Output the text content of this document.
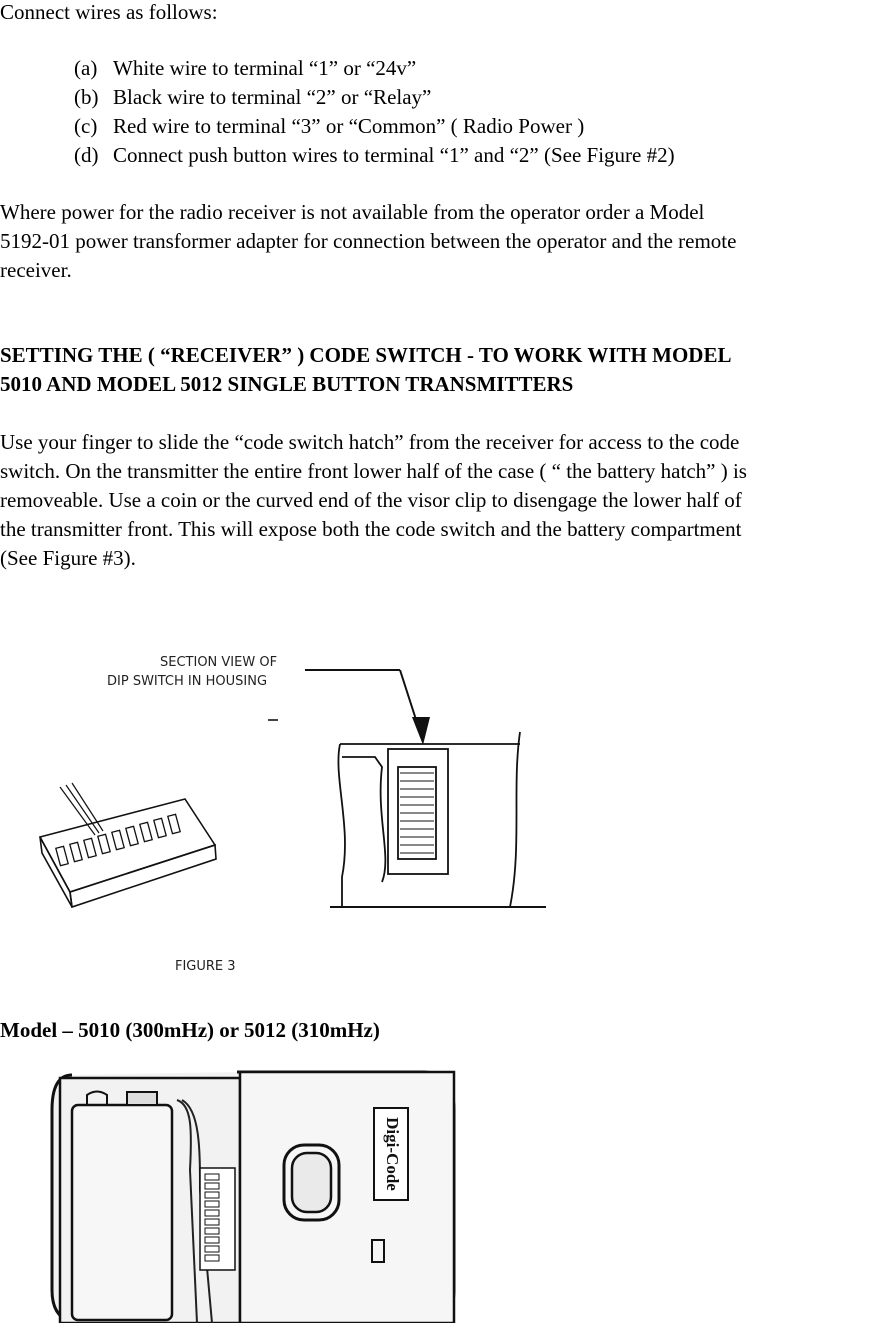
Connect wires as follows:

(a) White wire to terminal “1” or “24v”
(b) Black wire to terminal “2” or “Relay”
(c) Red wire to terminal “3” or “Common” ( Radio Power )
(d) Connect push button wires to terminal “1” and “2” (See Figure #2)

Where power for the radio receiver is not available from the operator order a Model

5192-01 power transformer adapter for connection between the operator and the remote

receiver.

SETTING THE ( “RECEIVER” ) CODE SWITCH - TO WORK WITH MODEL

5010 AND MODEL 5012 SINGLE BUTTON TRANSMITTERS

Use your finger to slide the “code switch hatch” from the receiver for access to the code

switch. On the transmitter the entire front lower half of the case ( “ the battery hatch” ) is

removeable. Use a coin or the curved end of the visor clip to disengage the lower half of

the transmitter front. This will expose both the code switch and the battery compartment

(See Figure #3).

SECTION VIEW OF
DIP SWITCH IN HOUSING
FIGURE 3

Model – 5010 (300mHz) or 5012 (310mHz)

Digi-Code
